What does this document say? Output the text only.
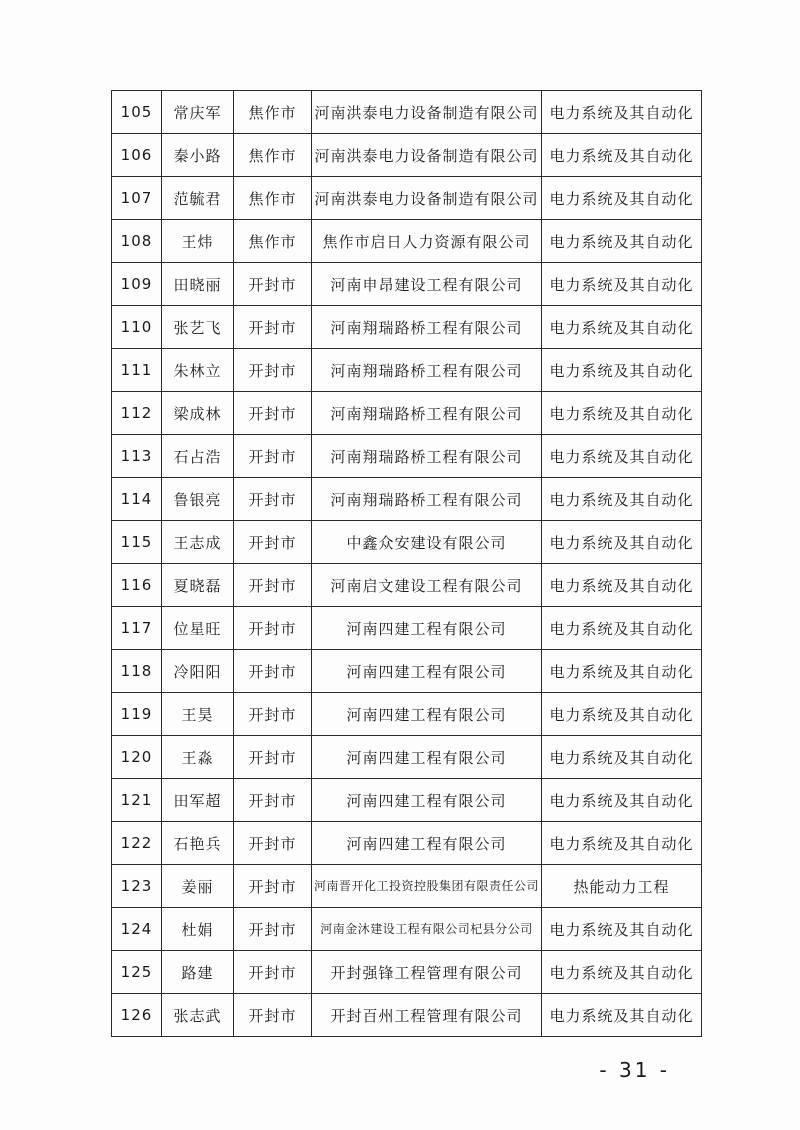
105	常庆军	焦作市	河南洪泰电力设备制造有限公司	电力系统及其自动化
106	秦小路	焦作市	河南洪泰电力设备制造有限公司	电力系统及其自动化
107	范毓君	焦作市	河南洪泰电力设备制造有限公司	电力系统及其自动化
108	王炜	焦作市	焦作市启日人力资源有限公司	电力系统及其自动化
109	田晓丽	开封市	河南申昂建设工程有限公司	电力系统及其自动化
110	张艺飞	开封市	河南翔瑞路桥工程有限公司	电力系统及其自动化
111	朱林立	开封市	河南翔瑞路桥工程有限公司	电力系统及其自动化
112	梁成林	开封市	河南翔瑞路桥工程有限公司	电力系统及其自动化
113	石占浩	开封市	河南翔瑞路桥工程有限公司	电力系统及其自动化
114	鲁银亮	开封市	河南翔瑞路桥工程有限公司	电力系统及其自动化
115	王志成	开封市	中鑫众安建设有限公司	电力系统及其自动化
116	夏晓磊	开封市	河南启文建设工程有限公司	电力系统及其自动化
117	位星旺	开封市	河南四建工程有限公司	电力系统及其自动化
118	冷阳阳	开封市	河南四建工程有限公司	电力系统及其自动化
119	王昊	开封市	河南四建工程有限公司	电力系统及其自动化
120	王淼	开封市	河南四建工程有限公司	电力系统及其自动化
121	田军超	开封市	河南四建工程有限公司	电力系统及其自动化
122	石艳兵	开封市	河南四建工程有限公司	电力系统及其自动化
123	姜丽	开封市	河南晋开化工投资控股集团有限责任公司	热能动力工程
124	杜娟	开封市	河南金沐建设工程有限公司杞县分公司	电力系统及其自动化
125	路建	开封市	开封强锋工程管理有限公司	电力系统及其自动化
126	张志武	开封市	开封百州工程管理有限公司	电力系统及其自动化
- 31 -
